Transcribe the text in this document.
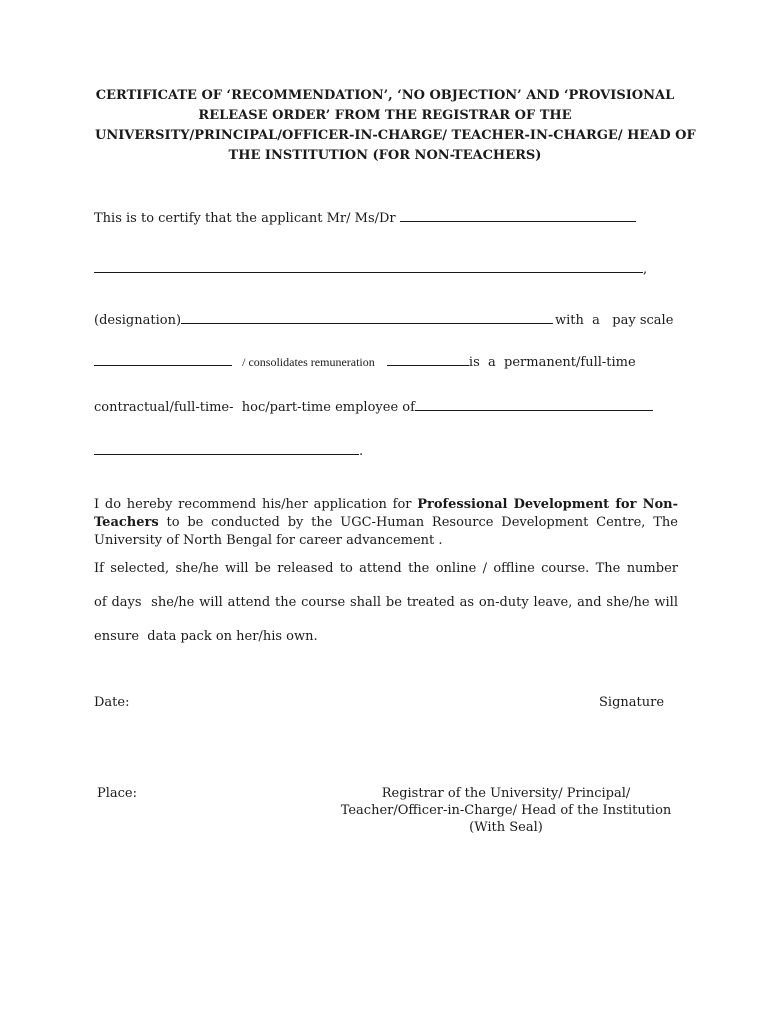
CERTIFICATE OF ‘RECOMMENDATION’, ‘NO OBJECTION’ AND ‘PROVISIONAL
RELEASE ORDER’ FROM THE REGISTRAR OF THE
UNIVERSITY/PRINCIPAL/OFFICER-IN-CHARGE/ TEACHER-IN-CHARGE/ HEAD OF
THE INSTITUTION (FOR NON-TEACHERS)
This is to certify that the applicant Mr/ Ms/Dr
,
(designation)	with  a   pay scale
/ consolidates remuneration	is  a  permanent/full-time
contractual/full-time-  hoc/part-time employee of
.
I do hereby recommend his/her application for Professional Development for Non-Teachers to be conducted by the UGC-Human Resource Development Centre, The University of North Bengal for career advancement .
If selected, she/he will be released to attend the online / offline course. The number
of days  she/he will attend the course shall be treated as on-duty leave, and she/he will
ensure  data pack on her/his own.
Date:	Signature
Place:	Registrar of the University/ Principal/
Teacher/Officer-in-Charge/ Head of the Institution
(With Seal)
